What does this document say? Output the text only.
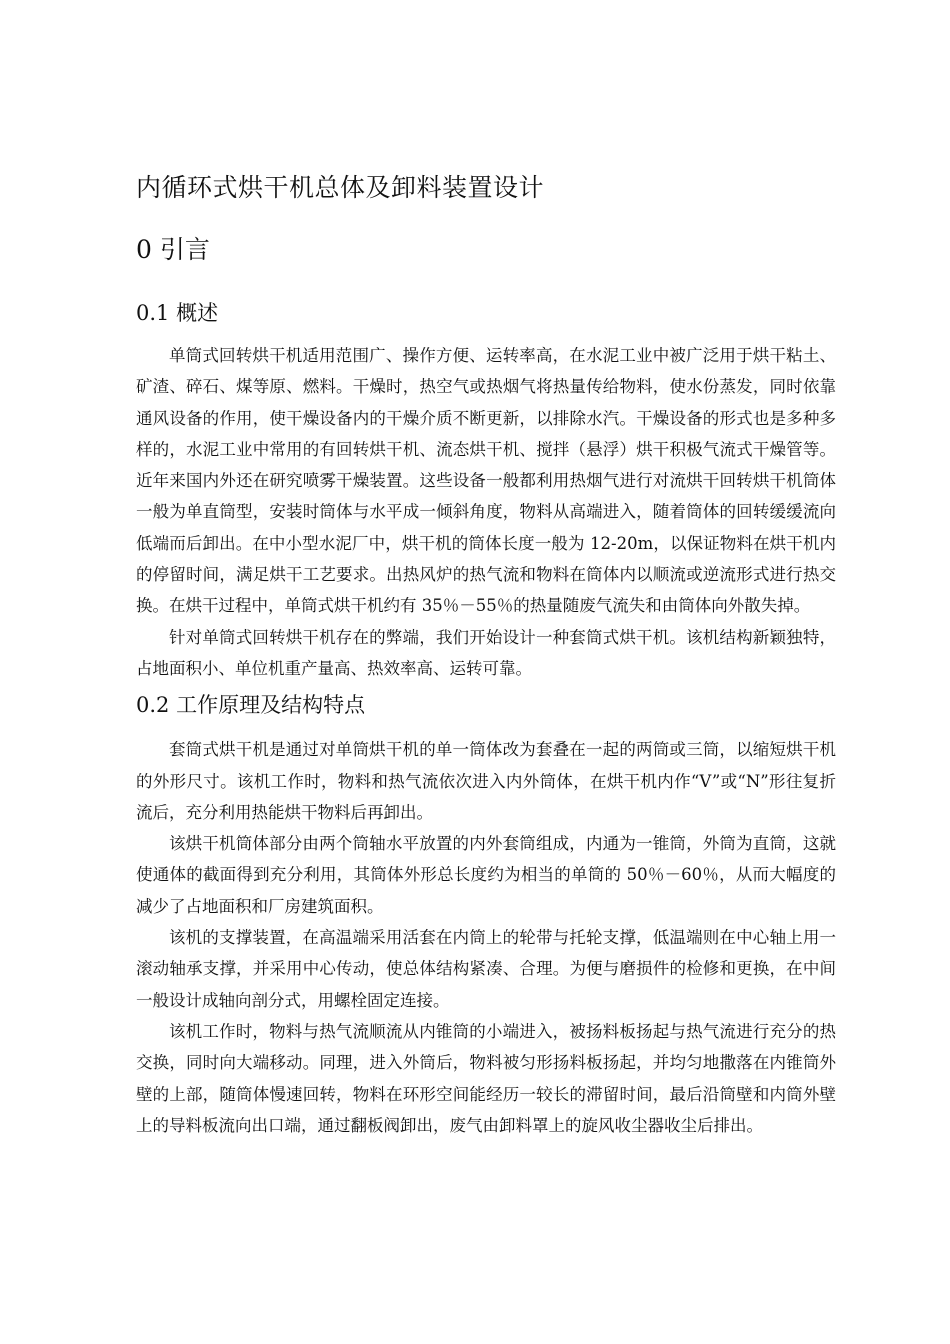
内循环式烘干机总体及卸料装置设计
0 引言
0.1 概述

单筒式回转烘干机适用范围广、操作方便、运转率高，在水泥工业中被广泛用于烘干粘土、矿渣、碎石、煤等原、燃料。干燥时，热空气或热烟气将热量传给物料，使水份蒸发，同时依靠通风设备的作用，使干燥设备内的干燥介质不断更新，以排除水汽。干燥设备的形式也是多种多样的，水泥工业中常用的有回转烘干机、流态烘干机、搅拌（悬浮）烘干积极气流式干燥管等。近年来国内外还在研究喷雾干燥装置。这些设备一般都利用热烟气进行对流烘干回转烘干机筒体一般为单直筒型，安装时筒体与水平成一倾斜角度，物料从高端进入，随着筒体的回转缓缓流向低端而后卸出。在中小型水泥厂中，烘干机的筒体长度一般为 12-20m，以保证物料在烘干机内的停留时间，满足烘干工艺要求。出热风炉的热气流和物料在筒体内以顺流或逆流形式进行热交换。在烘干过程中，单筒式烘干机约有 35％－55％的热量随废气流失和由筒体向外散失掉。

针对单筒式回转烘干机存在的弊端，我们开始设计一种套筒式烘干机。该机结构新颖独特，占地面积小、单位机重产量高、热效率高、运转可靠。

0.2 工作原理及结构特点

套筒式烘干机是通过对单筒烘干机的单一筒体改为套叠在一起的两筒或三筒，以缩短烘干机的外形尺寸。该机工作时，物料和热气流依次进入内外筒体，在烘干机内作“V”或“N”形往复折流后，充分利用热能烘干物料后再卸出。

该烘干机筒体部分由两个筒轴水平放置的内外套筒组成，内通为一锥筒，外筒为直筒，这就使通体的截面得到充分利用，其筒体外形总长度约为相当的单筒的 50％－60％，从而大幅度的减少了占地面积和厂房建筑面积。

该机的支撑装置，在高温端采用活套在内筒上的轮带与托轮支撑，低温端则在中心轴上用一滚动轴承支撑，并采用中心传动，使总体结构紧凑、合理。为便与磨损件的检修和更换，在中间一般设计成轴向剖分式，用螺栓固定连接。

该机工作时，物料与热气流顺流从内锥筒的小端进入，被扬料板扬起与热气流进行充分的热交换，同时向大端移动。同理，进入外筒后，物料被匀形扬料板扬起，并均匀地撒落在内锥筒外壁的上部，随筒体慢速回转，物料在环形空间能经历一较长的滞留时间，最后沿筒壁和内筒外壁上的导料板流向出口端，通过翻板阀卸出，废气由卸料罩上的旋风收尘器收尘后排出。
